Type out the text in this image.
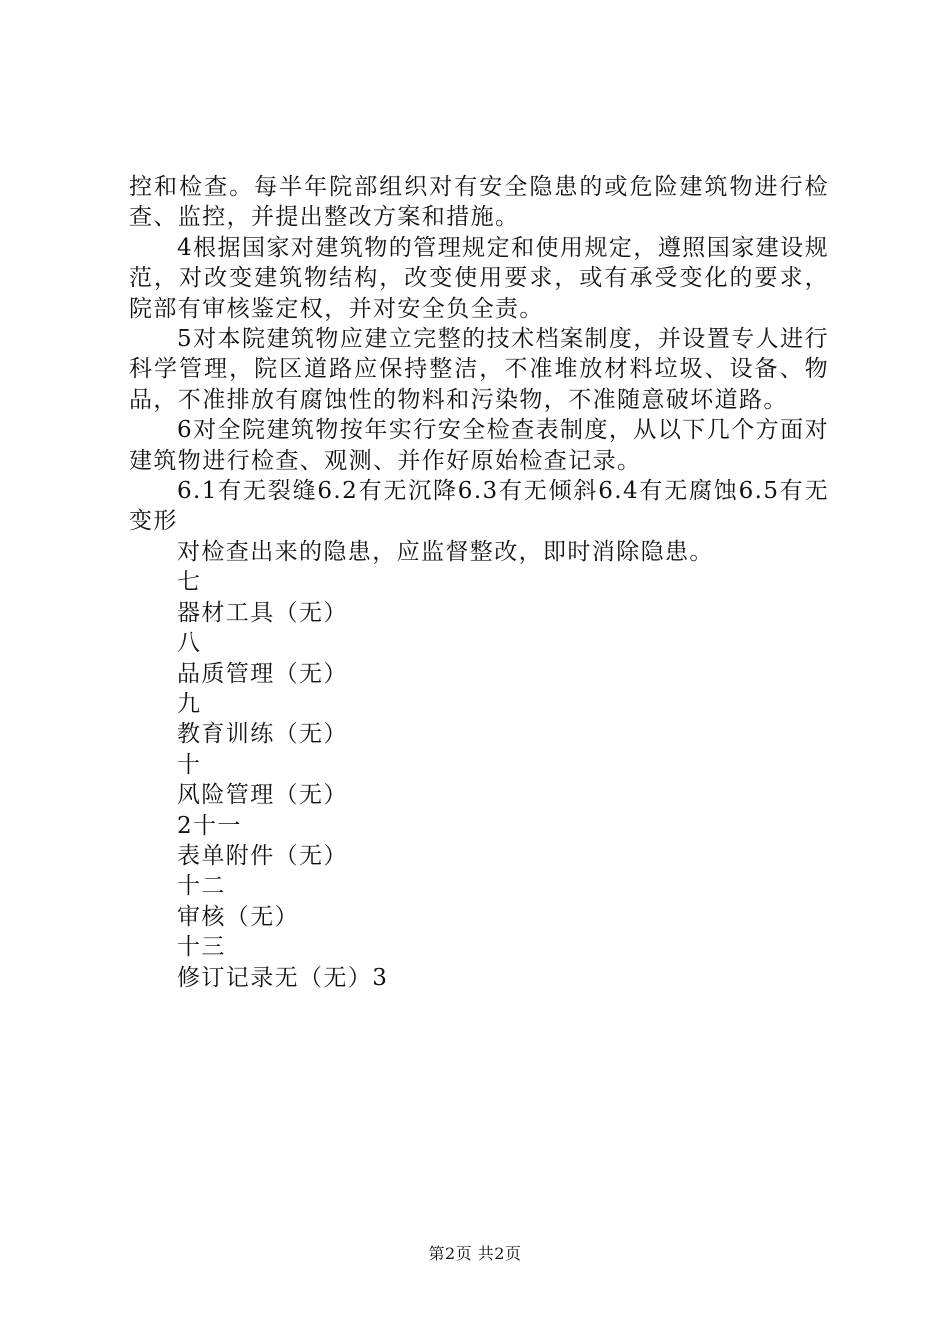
控和检查。每半年院部组织对有安全隐患的或危险建筑物进行检查、监控，并提出整改方案和措施。

4根据国家对建筑物的管理规定和使用规定，遵照国家建设规范，对改变建筑物结构，改变使用要求，或有承受变化的要求，院部有审核鉴定权，并对安全负全责。

5对本院建筑物应建立完整的技术档案制度，并设置专人进行科学管理，院区道路应保持整洁，不准堆放材料垃圾、设备、物品，不准排放有腐蚀性的物料和污染物，不准随意破坏道路。

6对全院建筑物按年实行安全检查表制度，从以下几个方面对建筑物进行检查、观测、并作好原始检查记录。

6.1有无裂缝6.2有无沉降6.3有无倾斜6.4有无腐蚀6.5有无变形

对检查出来的隐患，应监督整改，即时消除隐患。

七

器材工具（无）

八

品质管理（无）

九

教育训练（无）

十

风险管理（无）

2十一

表单附件（无）

十二

审核（无）

十三

修订记录无（无）3

第2页 共2页
